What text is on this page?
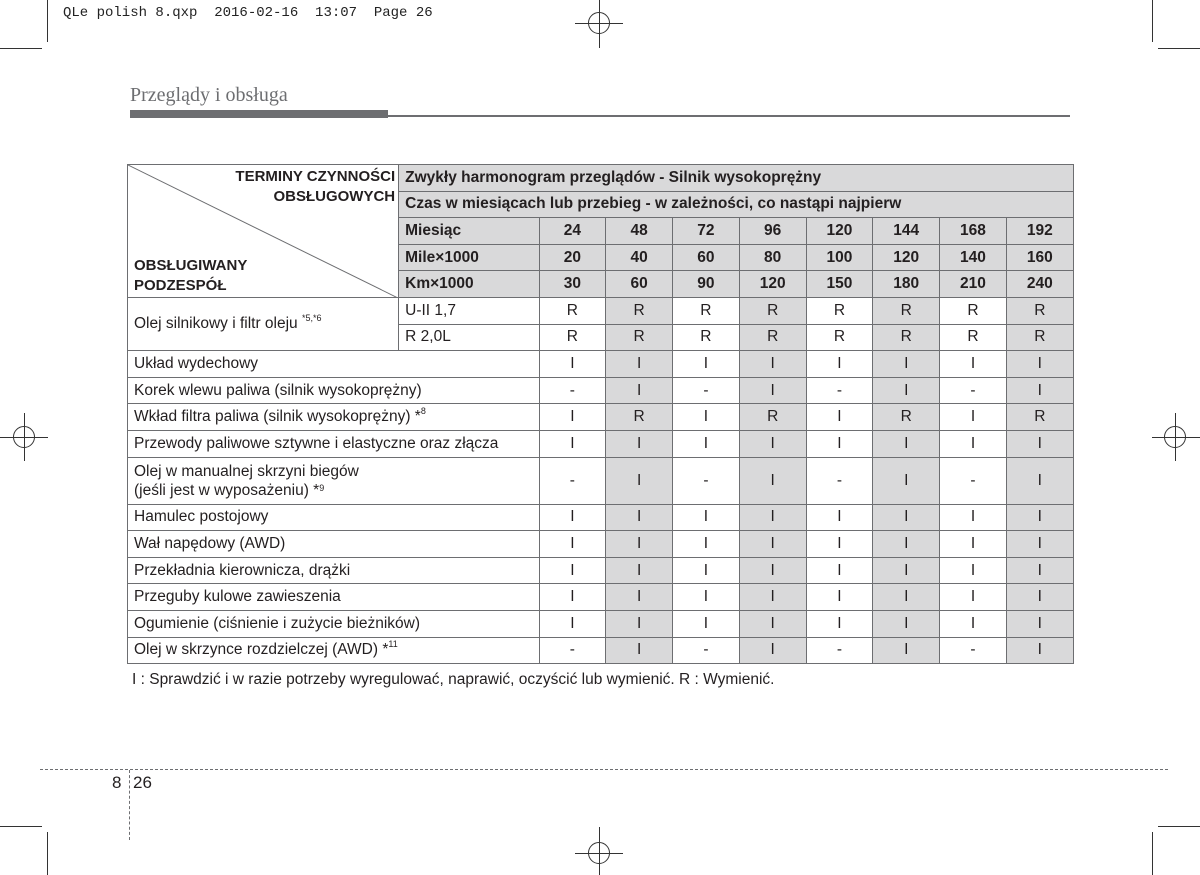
QLe polish 8.qxp  2016-02-16  13:07  Page 26
Przeglądy i obsługa
TERMINY CZYNNOŚCI
OBSŁUGOWYCH
OBSŁUGIWANY
PODZESPÓŁ	Zwykły harmonogram przeglądów - Silnik wysokoprężny								
	Czas w miesiącach lub przebieg - w zależności, co nastąpi najpierw								
	Miesiąc	24	48	72	96	120	144	168	192
	Mile×1000	20	40	60	80	100	120	140	160
	Km×1000	30	60	90	120	150	180	210	240
Olej silnikowy i filtr oleju $^{*5,*6}$	U-II 1,7	R	R	R	R	R	R	R	R
	R 2,0L	R	R	R	R	R	R	R	R
Układ wydechowy		I	I	I	I	I	I	I	I
Korek wlewu paliwa (silnik wysokoprężny)		-	I	-	I	-	I	-	I
Wkład filtra paliwa (silnik wysokoprężny) *$^8$		I	R	I	R	I	R	I	R
Przewody paliwowe sztywne i elastyczne oraz złącza		I	I	I	I	I	I	I	I
Olej w manualnej skrzyni biegów
(jeśli jest w wyposażeniu) *$^9$		-	I	-	I	-	I	-	I
Hamulec postojowy		I	I	I	I	I	I	I	I
Wał napędowy (AWD)		I	I	I	I	I	I	I	I
Przekładnia kierownicza, drążki		I	I	I	I	I	I	I	I
Przeguby kulowe zawieszenia		I	I	I	I	I	I	I	I
Ogumienie (ciśnienie i zużycie bieżników)		I	I	I	I	I	I	I	I
Olej w skrzynce rozdzielczej (AWD) *$^{11}$		-	I	-	I	-	I	-	I
I : Sprawdzić i w razie potrzeby wyregulować, naprawić, oczyścić lub wymienić. R : Wymienić.
8 26
